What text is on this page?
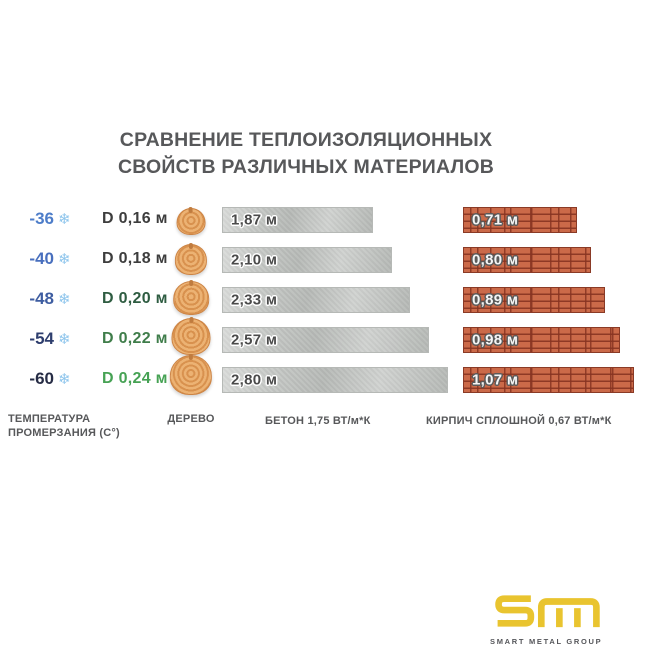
СРАВНЕНИЕ ТЕПЛОИЗОЛЯЦИОННЫХ
СВОЙСТВ РАЗЛИЧНЫХ МАТЕРИАЛОВ
-36 ❄ D 0,16 м	1,87 м	0,71 м
-40 ❄ D 0,18 м	2,10 м	0,80 м
-48 ❄ D 0,20 м	2,33 м	0,89 м
-54 ❄ D 0,22 м	2,57 м	0,98 м
-60 ❄ D 0,24 м	2,80 м	1,07 м
ТЕМПЕРАТУРА
ПРОМЕРЗАНИЯ (С°)
ДЕРЕВО	БЕТОН 1,75 ВТ/м*К	КИРПИЧ СПЛОШНОЙ 0,67 ВТ/м*К
SMART METAL GROUP
